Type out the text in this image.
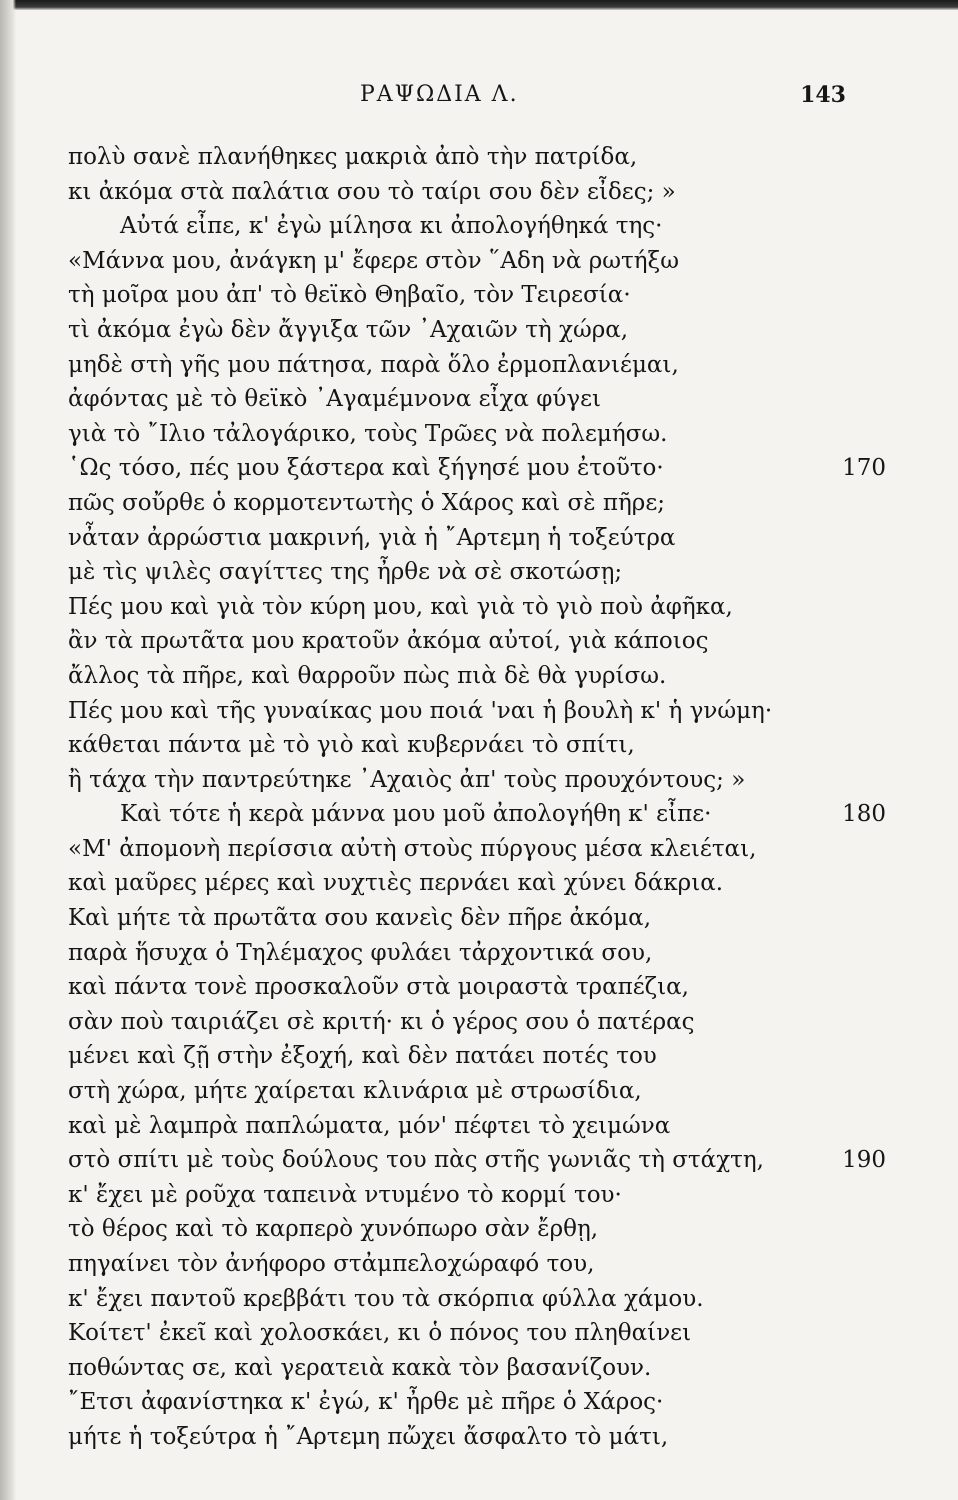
ΡΑΨΩΔΙΑ Λ.	143
πολὺ σανὲ πλανήθηκες μακριὰ ἀπὸ τὴν πατρίδα,
κι ἀκόμα στὰ παλάτια σου τὸ ταίρι σου δὲν εἶδες; »
Αὐτά εἶπε, κ' ἐγὼ μίλησα κι ἀπολογήθηκά της·
«Μάννα μου, ἀνάγκη μ' ἔφερε στὸν ῞Αδη νὰ ρωτήξω
τὴ μοῖρα μου ἀπ' τὸ θεϊκὸ Θηβαῖο, τὸν Τειρεσία·
τὶ ἀκόμα ἐγὼ δὲν ἄγγιξα τῶν ᾿Αχαιῶν τὴ χώρα,
μηδὲ στὴ γῆς μου πάτησα, παρὰ ὅλο ἐρμοπλανιέμαι,
ἀφόντας μὲ τὸ θεϊκὸ ᾿Αγαμέμνονα εἶχα φύγει
γιὰ τὸ ῎Ιλιο τἀλογάρικο, τοὺς Τρῶες νὰ πολεμήσω.
῾Ως τόσο, πές μου ξάστερα καὶ ξήγησέ μου ἐτοῦτο·	170
πῶς σοὔρθε ὁ κορμοτεντωτὴς ὁ Χάρος καὶ σὲ πῆρε;
νἆταν ἀρρώστια μακρινή, γιὰ ἡ ῎Αρτεμη ἡ τοξεύτρα
μὲ τὶς ψιλὲς σαγίττες της ἦρθε νὰ σὲ σκοτώσῃ;
Πές μου καὶ γιὰ τὸν κύρη μου, καὶ γιὰ τὸ γιὸ ποὺ ἀφῆκα,
ἂν τὰ πρωτᾶτα μου κρατοῦν ἀκόμα αὐτοί, γιὰ κάποιος
ἄλλος τὰ πῆρε, καὶ θαρροῦν πὼς πιὰ δὲ θὰ γυρίσω.
Πές μου καὶ τῆς γυναίκας μου ποιά 'ναι ἡ βουλὴ κ' ἡ γνώμη·
κάθεται πάντα μὲ τὸ γιὸ καὶ κυβερνάει τὸ σπίτι,
ἢ τάχα τὴν παντρεύτηκε ᾿Αχαιὸς ἀπ' τοὺς προυχόντους; »
Καὶ τότε ἡ κερὰ μάννα μου μοῦ ἀπολογήθη κ' εἶπε·	180
«Μ' ἀπομονὴ περίσσια αὐτὴ στοὺς πύργους μέσα κλειέται,
καὶ μαῦρες μέρες καὶ νυχτιὲς περνάει καὶ χύνει δάκρια.
Καὶ μήτε τὰ πρωτᾶτα σου κανεὶς δὲν πῆρε ἀκόμα,
παρὰ ἥσυχα ὁ Τηλέμαχος φυλάει τἀρχοντικά σου,
καὶ πάντα τονὲ προσκαλοῦν στὰ μοιραστὰ τραπέζια,
σὰν ποὺ ταιριάζει σὲ κριτή· κι ὁ γέρος σου ὁ πατέρας
μένει καὶ ζῇ στὴν ἐξοχή, καὶ δὲν πατάει ποτές του
στὴ χώρα, μήτε χαίρεται κλινάρια μὲ στρωσίδια,
καὶ μὲ λαμπρὰ παπλώματα, μόν' πέφτει τὸ χειμώνα
στὸ σπίτι μὲ τοὺς δούλους του πὰς στῆς γωνιᾶς τὴ στάχτη,	190
κ' ἔχει μὲ ροῦχα ταπεινὰ ντυμένο τὸ κορμί του·
τὸ θέρος καὶ τὸ καρπερὸ χυνόπωρο σὰν ἔρθῃ,
πηγαίνει τὸν ἀνήφορο στἀμπελοχώραφό του,
κ' ἔχει παντοῦ κρεββάτι του τὰ σκόρπια φύλλα χάμου.
Κοίτετ' ἐκεῖ καὶ χολοσκάει, κι ὁ πόνος του πληθαίνει
ποθώντας σε, καὶ γερατειὰ κακὰ τὸν βασανίζουν.
῎Ετσι ἀφανίστηκα κ' ἐγώ, κ' ἦρθε μὲ πῆρε ὁ Χάρος·
μήτε ἡ τοξεύτρα ἡ ῎Αρτεμη πὤχει ἄσφαλτο τὸ μάτι,
